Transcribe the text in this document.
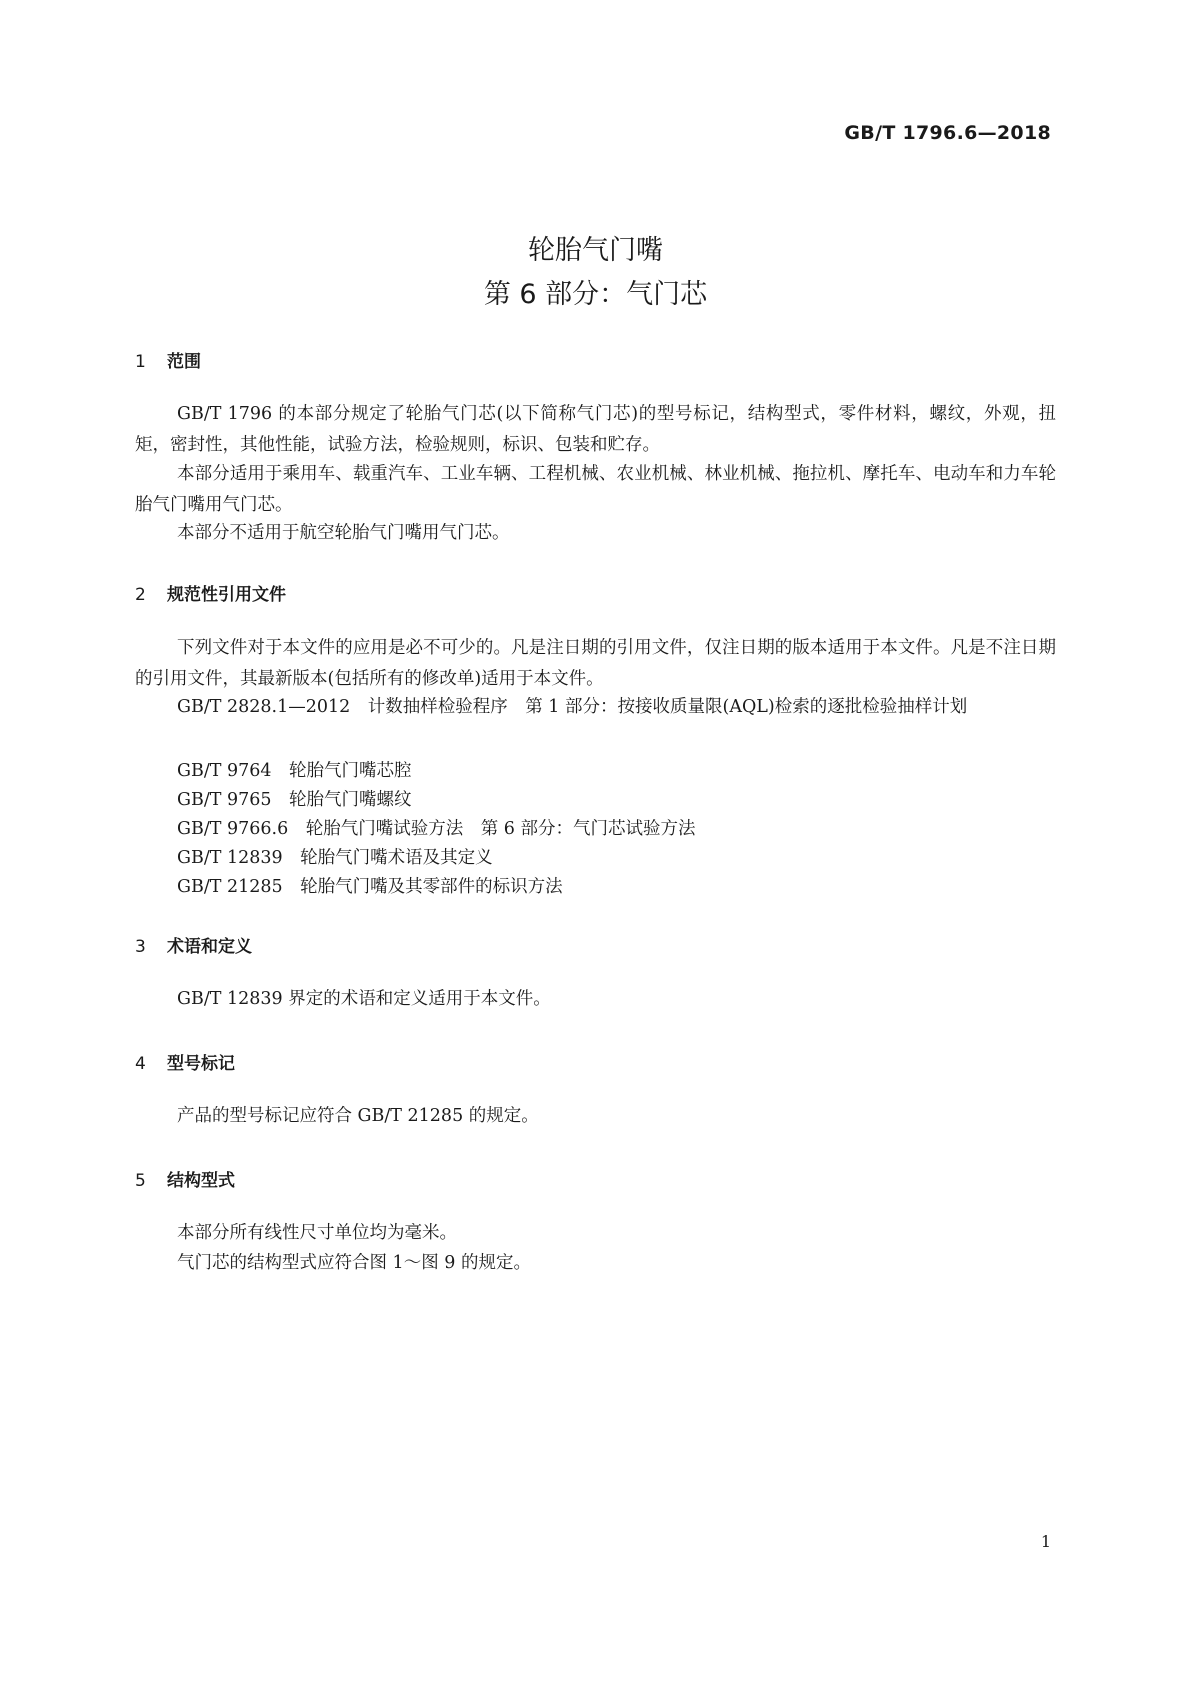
GB/T 1796.6—2018
轮胎气门嘴
第 6 部分：气门芯
1 范围

GB/T 1796 的本部分规定了轮胎气门芯(以下简称气门芯)的型号标记，结构型式，零件材料，螺纹，外观，扭矩，密封性，其他性能，试验方法，检验规则，标识、包装和贮存。

本部分适用于乘用车、载重汽车、工业车辆、工程机械、农业机械、林业机械、拖拉机、摩托车、电动车和力车轮胎气门嘴用气门芯。

本部分不适用于航空轮胎气门嘴用气门芯。

2 规范性引用文件

下列文件对于本文件的应用是必不可少的。凡是注日期的引用文件，仅注日期的版本适用于本文件。凡是不注日期的引用文件，其最新版本(包括所有的修改单)适用于本文件。

GB/T 2828.1—2012　计数抽样检验程序　第 1 部分：按接收质量限(AQL)检索的逐批检验抽样计划

GB/T 9764　轮胎气门嘴芯腔
GB/T 9765　轮胎气门嘴螺纹
GB/T 9766.6　轮胎气门嘴试验方法　第 6 部分：气门芯试验方法
GB/T 12839　轮胎气门嘴术语及其定义
GB/T 21285　轮胎气门嘴及其零部件的标识方法
3 术语和定义

GB/T 12839 界定的术语和定义适用于本文件。

4 型号标记

产品的型号标记应符合 GB/T 21285 的规定。

5 结构型式

本部分所有线性尺寸单位均为毫米。

气门芯的结构型式应符合图 1～图 9 的规定。

1
